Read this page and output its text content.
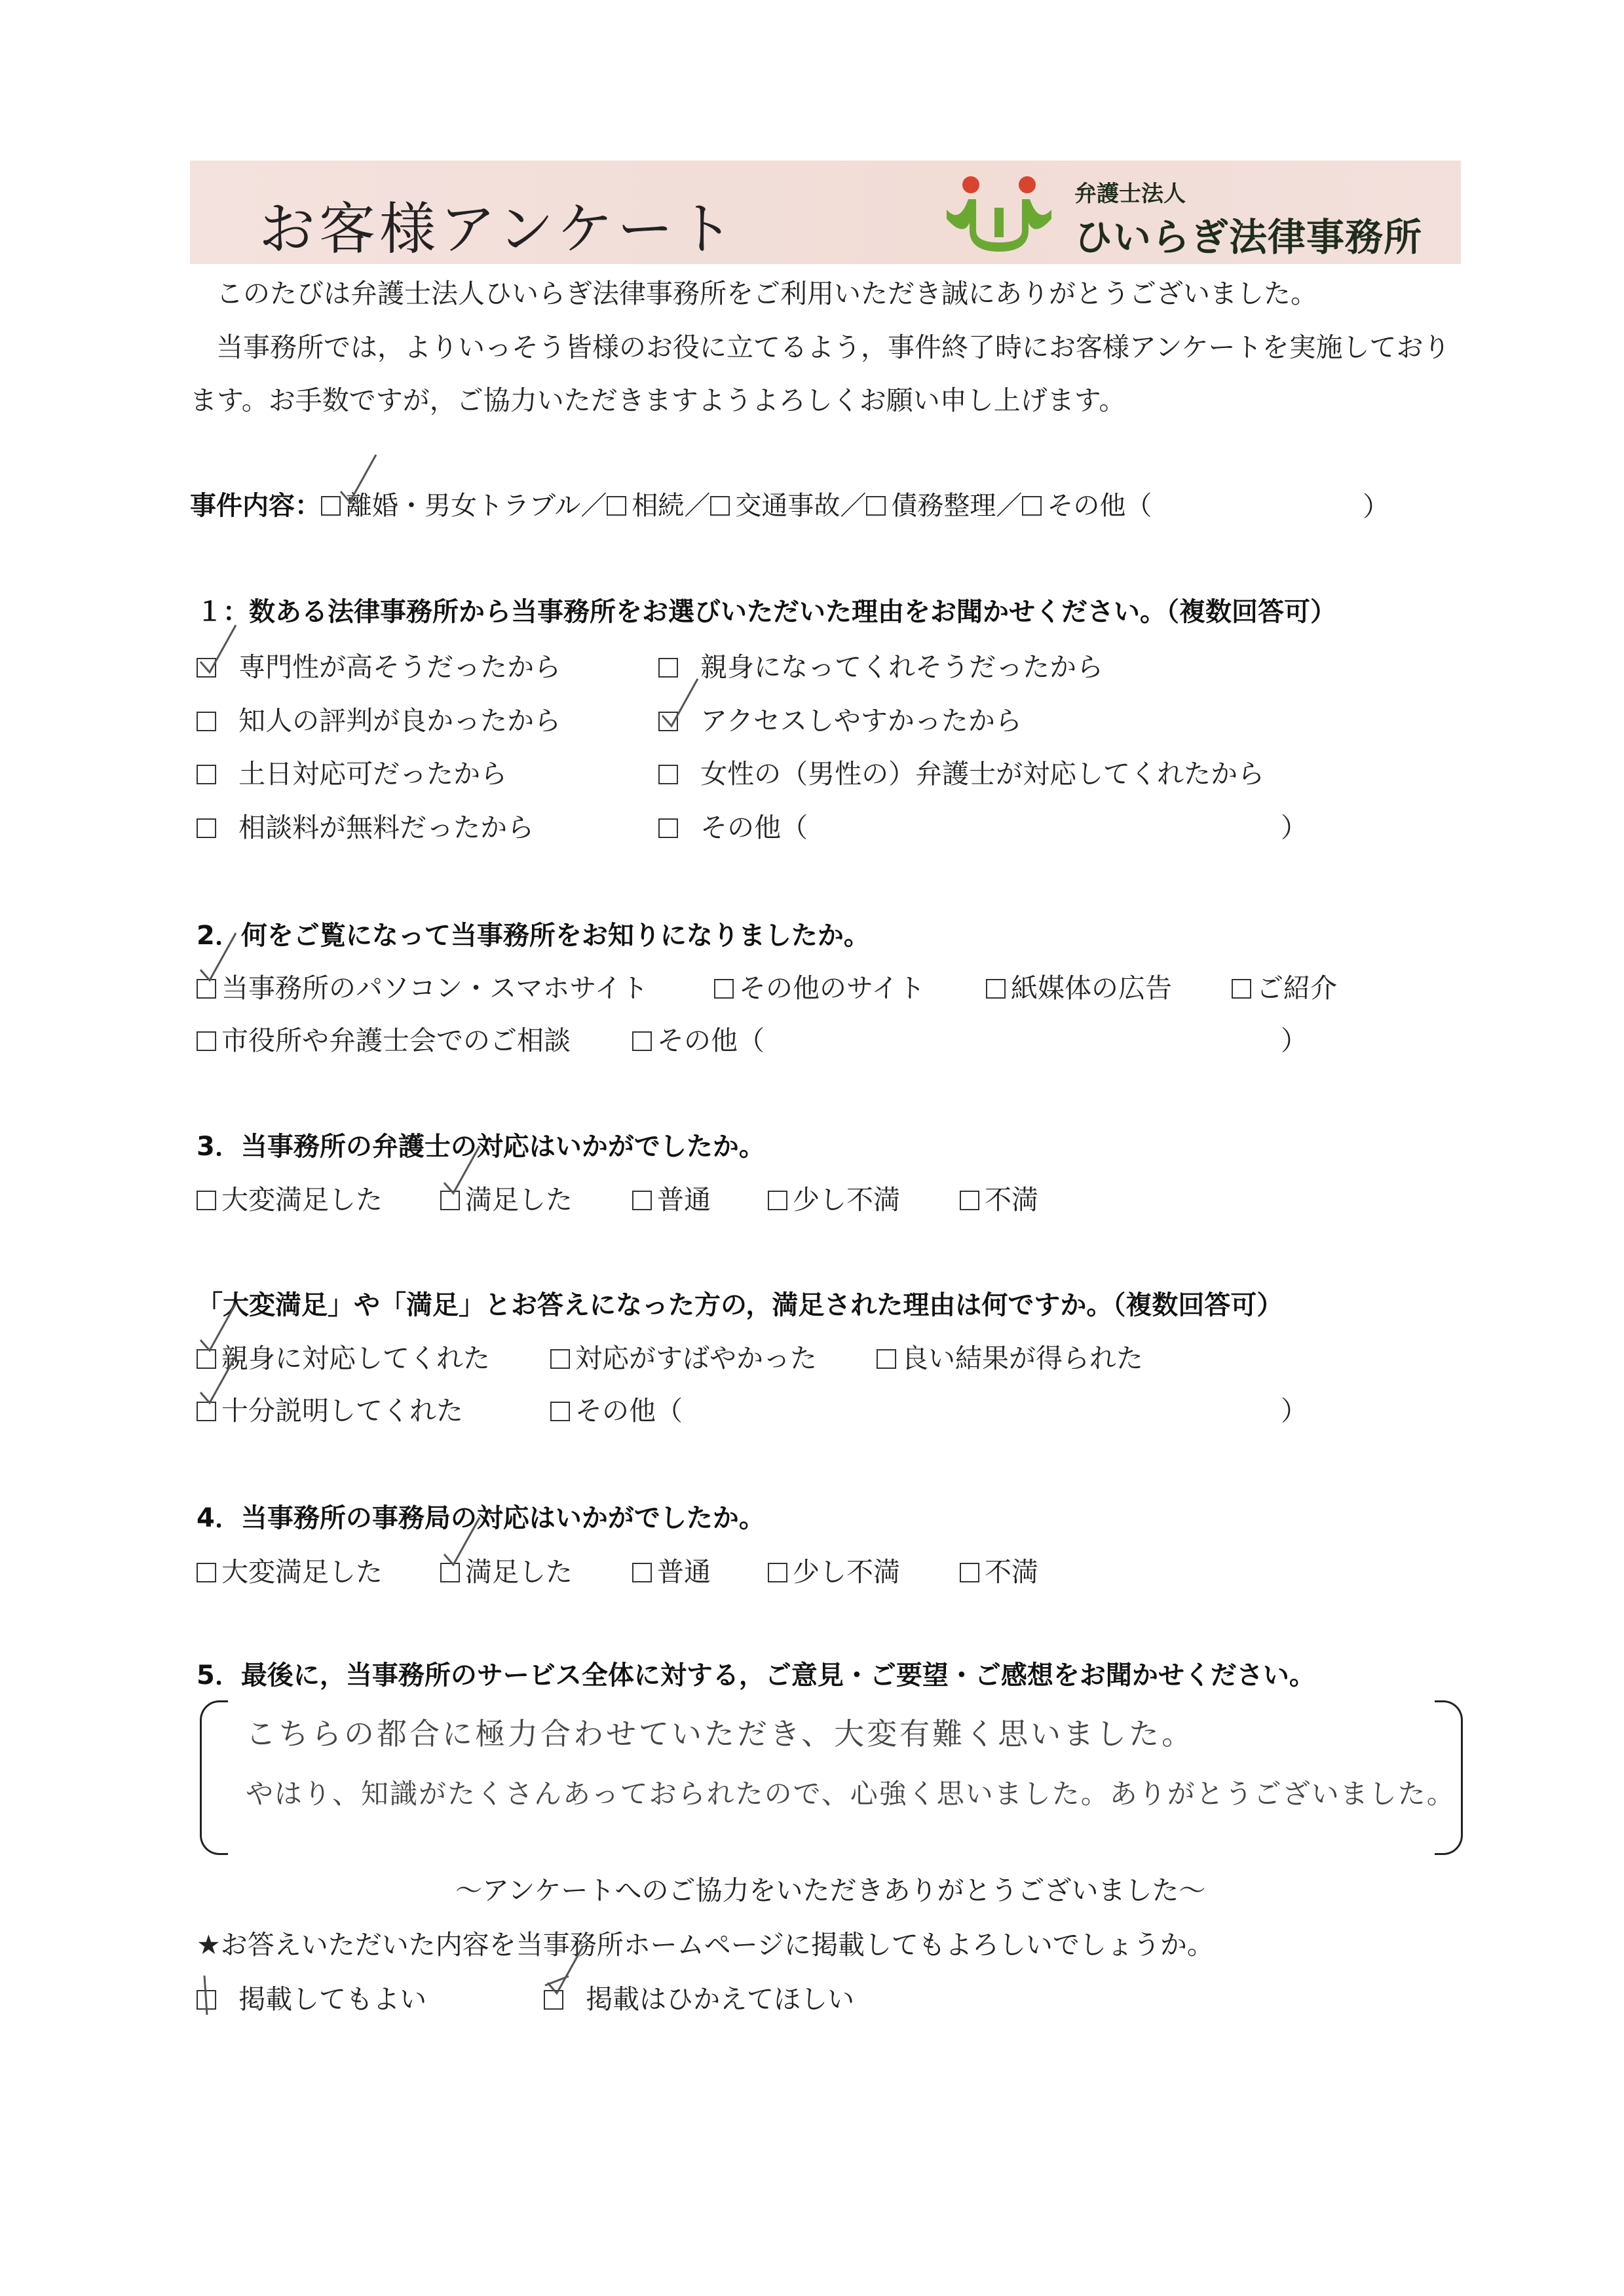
お客様アンケート
弁護士法人
ひいらぎ法律事務所
このたびは弁護士法人ひいらぎ法律事務所をご利用いただき誠にありがとうございました。
当事務所では，よりいっそう皆様のお役に立てるよう，事件終了時にお客様アンケートを実施しており
ます。お手数ですが，ご協力いただきますようよろしくお願い申し上げます。
事件内容： 離婚・男女トラブル／ 相続／ 交通事故／ 債務整理／ その他（	）
１：数ある法律事務所から当事務所をお選びいただいた理由をお聞かせください。（複数回答可）
専門性が高そうだったから	親身になってくれそうだったから
知人の評判が良かったから	アクセスしやすかったから
土日対応可だったから	女性の（男性の）弁護士が対応してくれたから
相談料が無料だったから	その他（	）
2．何をご覧になって当事務所をお知りになりましたか。
当事務所のパソコン・スマホサイト	その他のサイト	紙媒体の広告	ご紹介
市役所や弁護士会でのご相談	その他（	）
3．当事務所の弁護士の対応はいかがでしたか。
大変満足した	満足した	普通	少し不満	不満
「大変満足」や「満足」とお答えになった方の，満足された理由は何ですか。（複数回答可）
親身に対応してくれた	対応がすばやかった	良い結果が得られた
十分説明してくれた	その他（	）
4．当事務所の事務局の対応はいかがでしたか。
大変満足した	満足した	普通	少し不満	不満
5．最後に，当事務所のサービス全体に対する，ご意見・ご要望・ご感想をお聞かせください。
こちらの都合に極力合わせていただき、大変有難く思いました。
やはり、知識がたくさんあっておられたので、心強く思いました。ありがとうございました。
～アンケートへのご協力をいただきありがとうございました～
★お答えいただいた内容を当事務所ホームページに掲載してもよろしいでしょうか。
掲載してもよい	掲載はひかえてほしい
